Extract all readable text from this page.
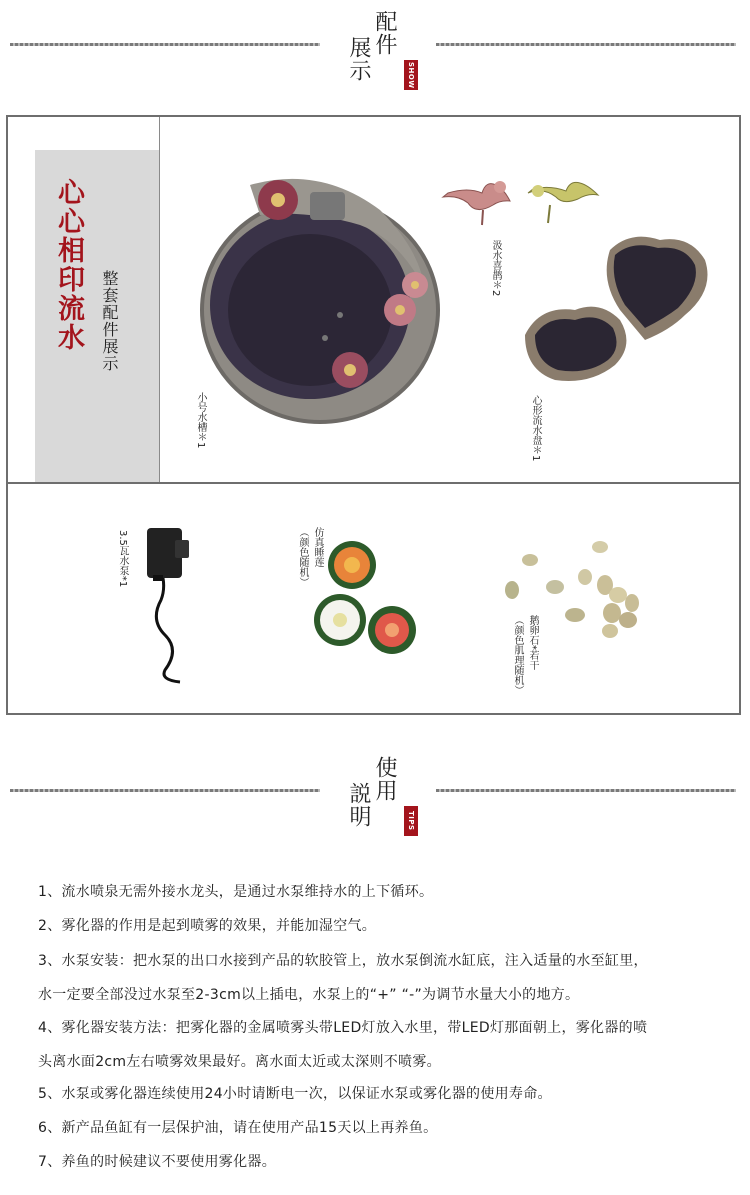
配件
展示	SHOW
心心相印流水 整套配件展示
小号水槽＊1
汲水喜鹊＊2
心形流水盘＊1
3.5瓦水泵*1	仿真睡莲
（颜色随机）
鹅卵石*若干
（颜色肌理随机）
使用
説明	TIPS
1、流水喷泉无需外接水龙头，是通过水泵维持水的上下循环。
2、雾化器的作用是起到喷雾的效果，并能加湿空气。
3、水泵安装：把水泵的出口水接到产品的软胶管上，放水泵倒流水缸底，注入适量的水至缸里，
水一定要全部没过水泵至2-3cm以上插电，水泵上的“+” “-”为调节水量大小的地方。
4、雾化器安装方法：把雾化器的金属喷雾头带LED灯放入水里，带LED灯那面朝上，雾化器的喷
头离水面2cm左右喷雾效果最好。离水面太近或太深则不喷雾。
5、水泵或雾化器连续使用24小时请断电一次，以保证水泵或雾化器的使用寿命。
6、新产品鱼缸有一层保护油，请在使用产品15天以上再养鱼。
7、养鱼的时候建议不要使用雾化器。
